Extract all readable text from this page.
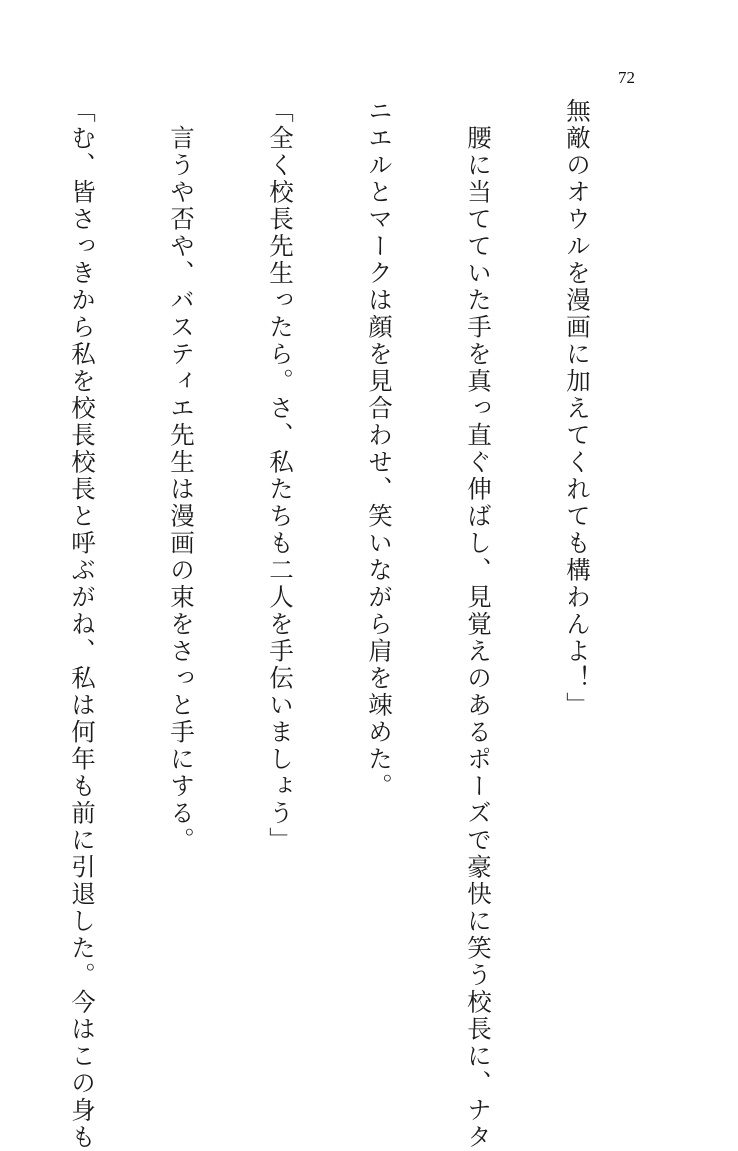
72

無敵のオウルを漫画に加えてくれても構わんよ！」

　腰に当てていた手を真っ直ぐ伸ばし、見覚えのあるポーズで豪快に笑う校長に、ナタ

ニエルとマークは顔を見合わせ、笑いながら肩を竦めた。

「全く校長先生ったら。さ、私たちも二人を手伝いましょう」

　言うや否や、バスティエ先生は漫画の束をさっと手にする。

「む、皆さっきから私を校長校長と呼ぶがね、私は何年も前に引退した。今はこの身も
